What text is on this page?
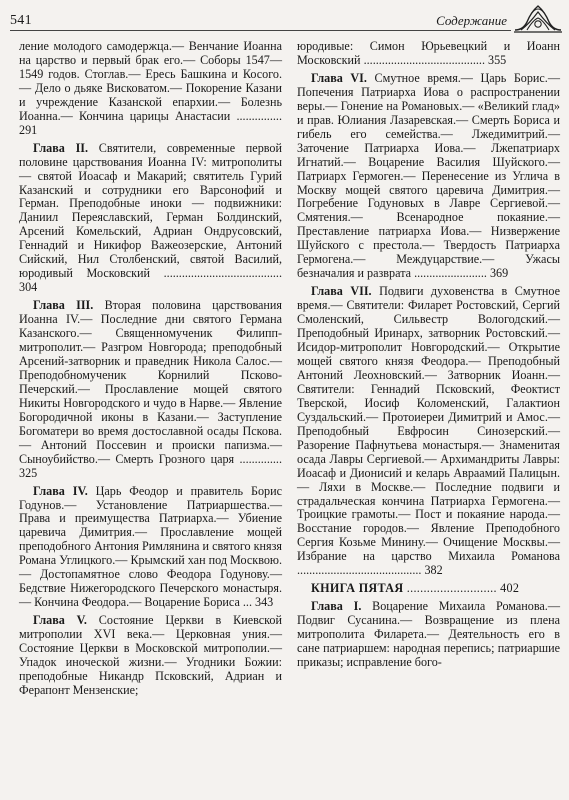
541	Содержание

ление молодого самодержца.— Венчание Иоанна на царство и первый брак его.— Соборы 1547—1549 годов. Стоглав.— Ересь Башкина и Косого.— Дело о дьяке Висковатом.— Покорение Казани и учреждение Казанской епархии.— Болезнь Иоанна.— Кончина царицы Анастасии ............... 291

Глава II. Святители, современные первой половине царствования Иоанна IV: митрополиты — святой Иоасаф и Макарий; святитель Гурий Казанский и сотрудники его Варсонофий и Герман. Преподобные иноки — подвижники: Даниил Переяславский, Герман Болдинский, Арсений Комельский, Адриан Ондрусовский, Геннадий и Никифор Важеозерские, Антоний Сийский, Нил Столбенский, святой Василий, юродивый Московский ....................................... 304

Глава III. Вторая половина царствования Иоанна IV.— Последние дни святого Германа Казанского.— Священномученик Филипп-митрополит.— Разгром Новгорода; преподобный Арсений-затворник и праведник Никола Салос.— Преподобномученик Корнилий Псково-Печерский.— Прославление мощей святого Никиты Новгородского и чудо в Нарве.— Явление Богородичной иконы в Казани.— Заступление Богоматери во время достославной осады Пскова.— Антоний Поссевин и происки папизма.— Сыноубийство.— Смерть Грозного царя .............. 325

Глава IV. Царь Феодор и правитель Борис Годунов.— Установление Патриаршества.— Права и преимущества Патриарха.— Убиение царевича Димитрия.— Прославление мощей преподобного Антония Римлянина и святого князя Романа Углицкого.— Крымский хан под Москвою.— Достопамятное слово Феодора Годунову.— Бедствие Нижегородского Печерского монастыря.— Кончина Феодора.— Воцарение Бориса ... 343

Глава V. Состояние Церкви в Киевской митрополии XVI века.— Церковная уния.— Состояние Церкви в Московской митрополии.— Упадок иноческой жизни.— Угодники Божии: преподобные Никандр Псковский, Адриан и Ферапонт Мензенские;

юродивые: Симон Юрьевецкий и Иоанн Московский ........................................ 355

Глава VI. Смутное время.— Царь Борис.— Попечения Патриарха Иова о распространении веры.— Гонение на Романовых.— «Великий глад» и прав. Юлиания Лазаревская.— Смерть Бориса и гибель его семейства.— Лжедимитрий.— Заточение Патриарха Иова.— Лжепатриарх Игнатий.— Воцарение Василия Шуйского.— Патриарх Гермоген.— Перенесение из Углича в Москву мощей святого царевича Димитрия.— Погребение Годуновых в Лавре Сергиевой.— Смятения.— Всенародное покаяние.— Преставление патриарха Иова.— Низвержение Шуйского с престола.— Твердость Патриарха Гермогена.— Междуцарствие.— Ужасы безначалия и разврата ........................ 369

Глава VII. Подвиги духовенства в Смутное время.— Святители: Филарет Ростовский, Сергий Смоленский, Сильвестр Вологодский.— Преподобный Иринарх, затворник Ростовский.— Исидор-митрополит Новгородский.— Открытие мощей святого князя Феодора.— Преподобный Антоний Леохновский.— Затворник Иоанн.— Святители: Геннадий Псковский, Феоктист Тверской, Иосиф Коломенский, Галактион Суздальский.— Протоиереи Димитрий и Амос.— Преподобный Евфросин Синозерский.— Разорение Пафнутьева монастыря.— Знаменитая осада Лавры Сергиевой.— Архимандриты Лавры: Иоасаф и Дионисий и келарь Авраамий Палицын.— Ляхи в Москве.— Последние подвиги и страдальческая кончина Патриарха Гермогена.— Троицкие грамоты.— Пост и покаяние народа.— Восстание городов.— Явление Преподобного Сергия Козьме Минину.— Очищение Москвы.— Избрание на царство Михаила Романова ......................................... 382

КНИГА ПЯТАЯ ........................... 402

Глава I. Воцарение Михаила Романова.— Подвиг Сусанина.— Возвращение из плена митрополита Филарета.— Деятельность его в сане патриаршем: народная перепись; патриаршие приказы; исправление бого-
